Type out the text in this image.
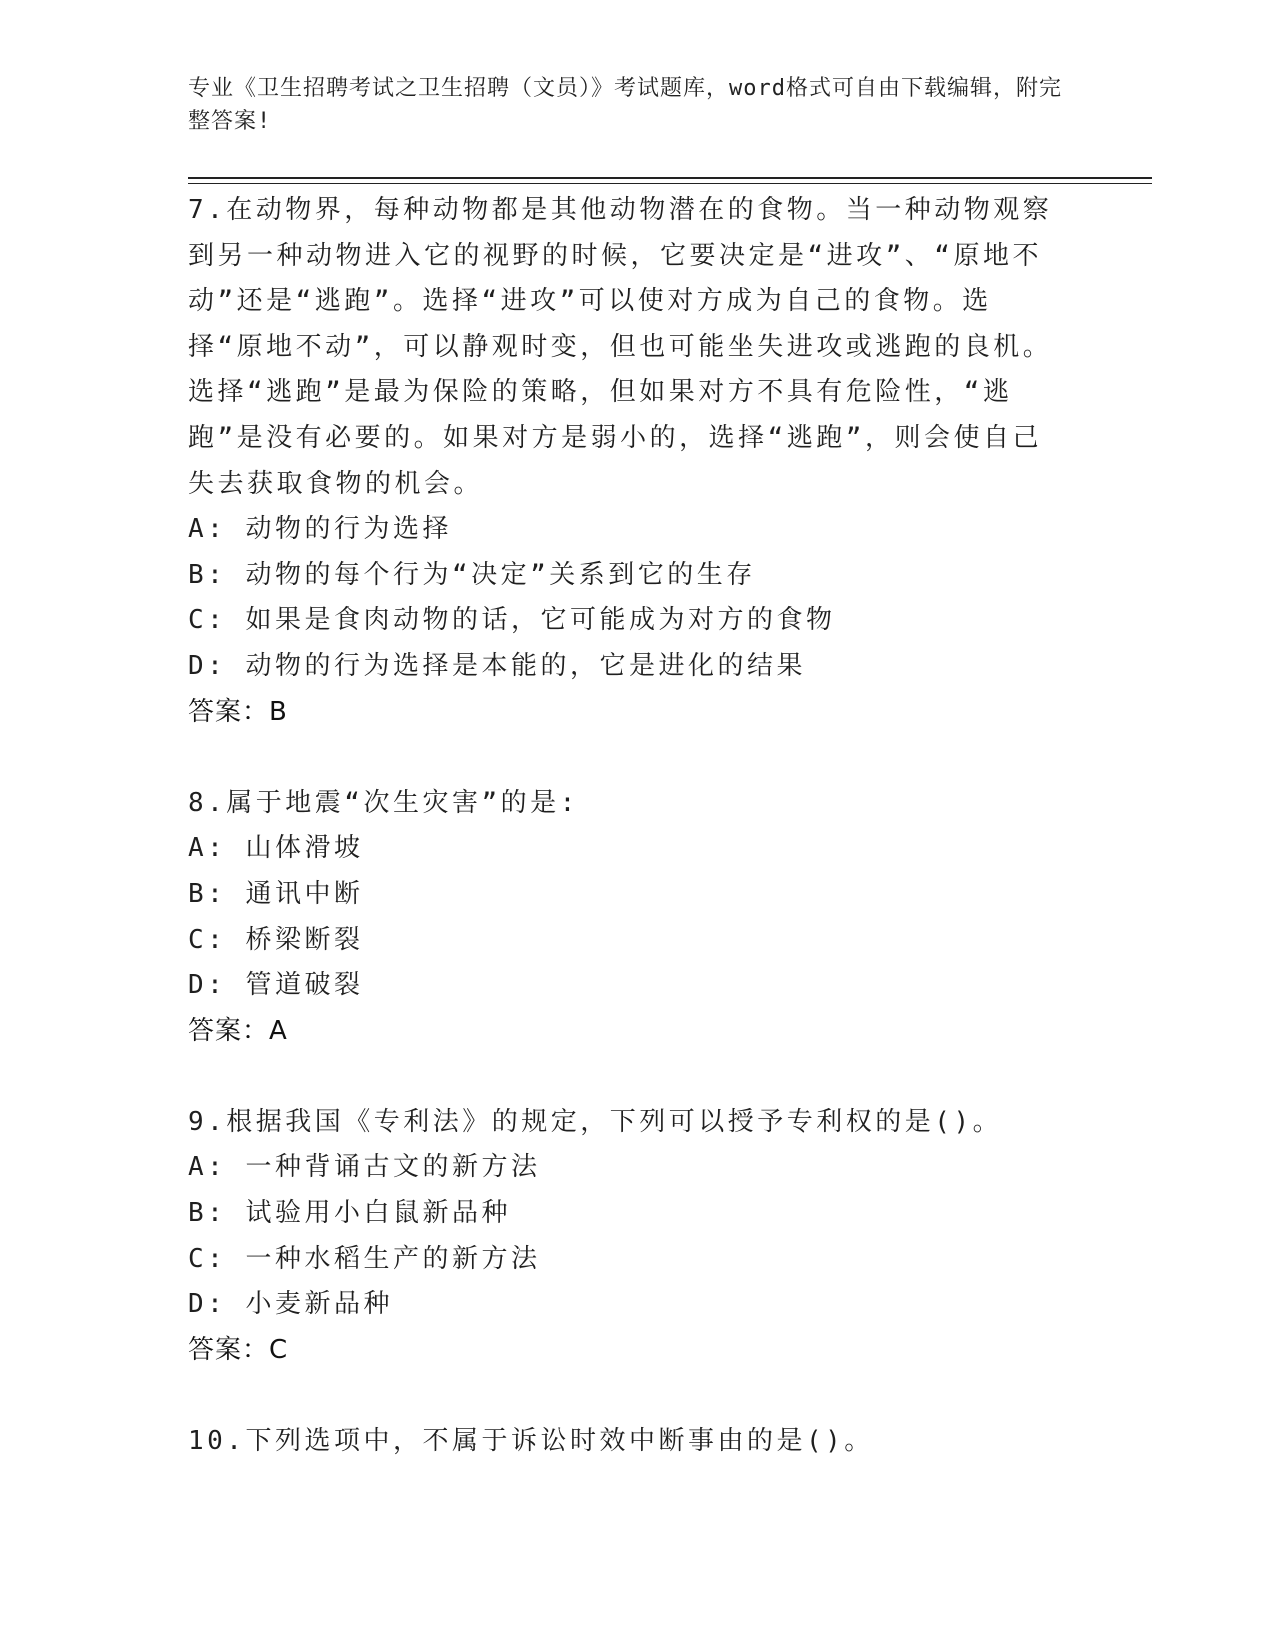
专业《卫生招聘考试之卫生招聘（文员）》考试题库，word格式可自由下载编辑，附完整答案!
7.在动物界，每种动物都是其他动物潜在的食物。当一种动物观察到另一种动物进入它的视野的时候，它要决定是“进攻”、“原地不动”还是“逃跑”。选择“进攻”可以使对方成为自己的食物。选择“原地不动”，可以静观时变，但也可能坐失进攻或逃跑的良机。选择“逃跑”是最为保险的策略，但如果对方不具有危险性，“逃跑”是没有必要的。如果对方是弱小的，选择“逃跑”，则会使自己失去获取食物的机会。
A: 动物的行为选择
B: 动物的每个行为“决定”关系到它的生存
C: 如果是食肉动物的话，它可能成为对方的食物
D: 动物的行为选择是本能的，它是进化的结果
答案：B
8.属于地震“次生灾害”的是:
A: 山体滑坡
B: 通讯中断
C: 桥梁断裂
D: 管道破裂
答案：A
9.根据我国《专利法》的规定，下列可以授予专利权的是()。
A: 一种背诵古文的新方法
B: 试验用小白鼠新品种
C: 一种水稻生产的新方法
D: 小麦新品种
答案：C
10.下列选项中，不属于诉讼时效中断事由的是()。
